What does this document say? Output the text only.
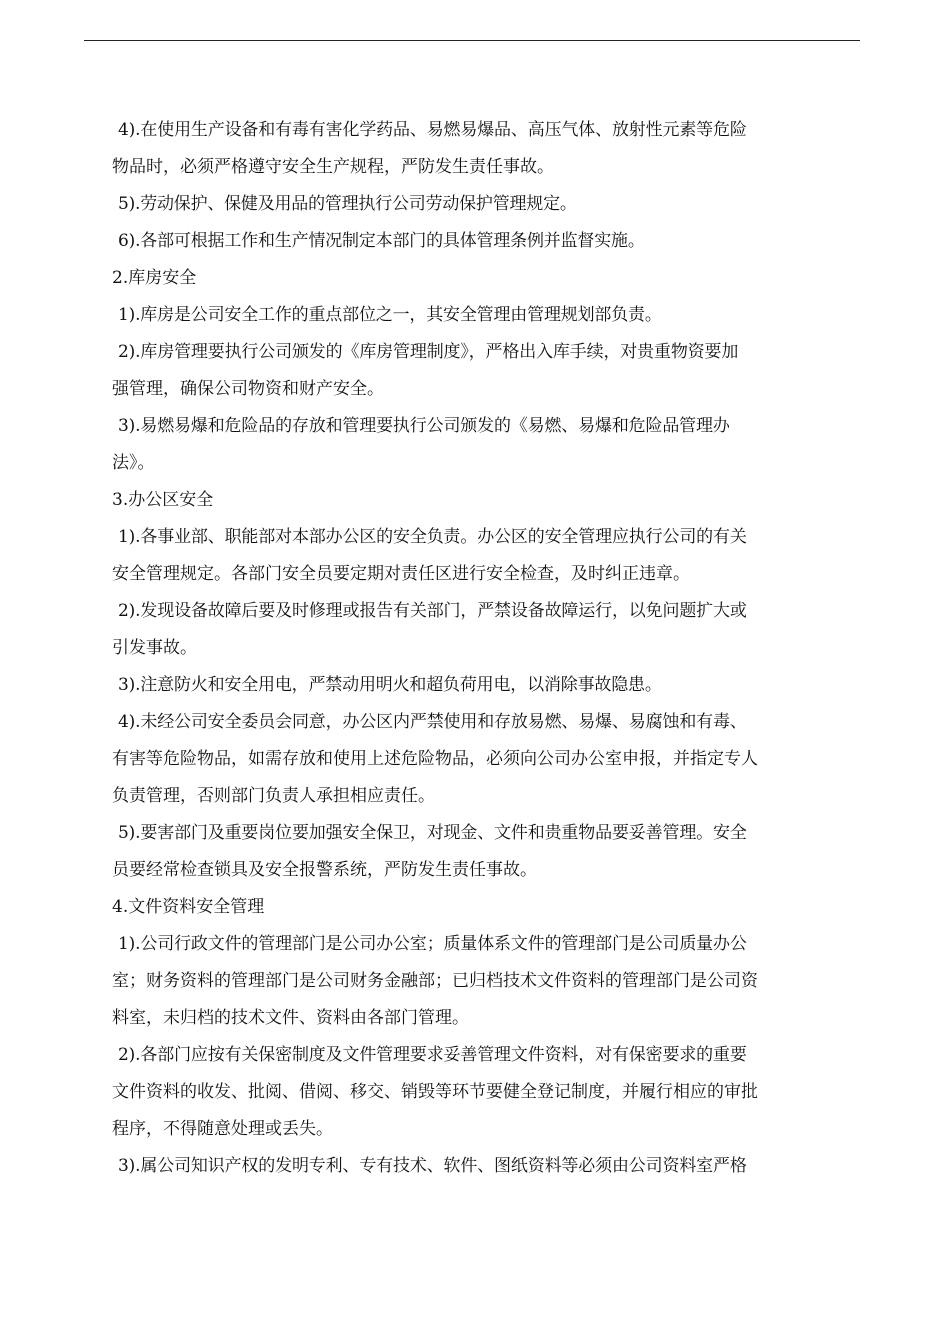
4).在使用生产设备和有毒有害化学药品、易燃易爆品、高压气体、放射性元素等危险
物品时，必须严格遵守安全生产规程，严防发生责任事故。
5).劳动保护、保健及用品的管理执行公司劳动保护管理规定。
6).各部可根据工作和生产情况制定本部门的具体管理条例并监督实施。
2.库房安全
1).库房是公司安全工作的重点部位之一，其安全管理由管理规划部负责。
2).库房管理要执行公司颁发的《库房管理制度》，严格出入库手续，对贵重物资要加
强管理，确保公司物资和财产安全。
3).易燃易爆和危险品的存放和管理要执行公司颁发的《易燃、易爆和危险品管理办
法》。
3.办公区安全
1).各事业部、职能部对本部办公区的安全负责。办公区的安全管理应执行公司的有关
安全管理规定。各部门安全员要定期对责任区进行安全检查，及时纠正违章。
2).发现设备故障后要及时修理或报告有关部门，严禁设备故障运行，以免问题扩大或
引发事故。
3).注意防火和安全用电，严禁动用明火和超负荷用电，以消除事故隐患。
4).未经公司安全委员会同意，办公区内严禁使用和存放易燃、易爆、易腐蚀和有毒、
有害等危险物品，如需存放和使用上述危险物品，必须向公司办公室申报，并指定专人
负责管理，否则部门负责人承担相应责任。
5).要害部门及重要岗位要加强安全保卫，对现金、文件和贵重物品要妥善管理。安全
员要经常检查锁具及安全报警系统，严防发生责任事故。
4.文件资料安全管理
1).公司行政文件的管理部门是公司办公室；质量体系文件的管理部门是公司质量办公
室；财务资料的管理部门是公司财务金融部；已归档技术文件资料的管理部门是公司资
料室，未归档的技术文件、资料由各部门管理。
2).各部门应按有关保密制度及文件管理要求妥善管理文件资料，对有保密要求的重要
文件资料的收发、批阅、借阅、移交、销毁等环节要健全登记制度，并履行相应的审批
程序，不得随意处理或丢失。
3).属公司知识产权的发明专利、专有技术、软件、图纸资料等必须由公司资料室严格
